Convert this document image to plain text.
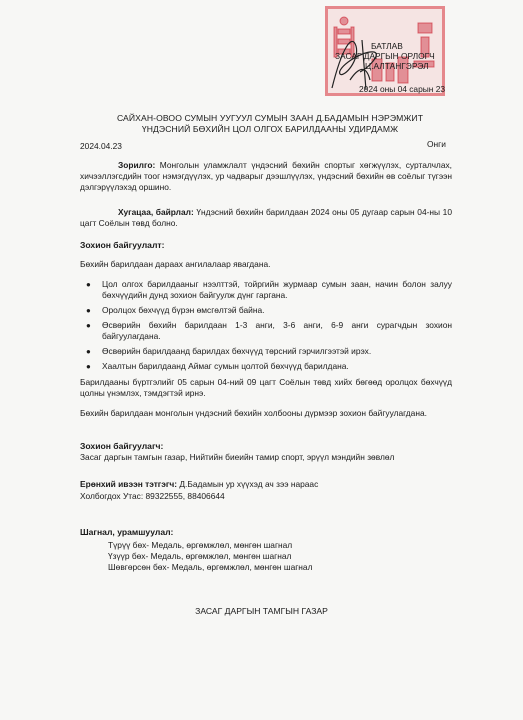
БАТЛАВ
ЗАСАГ ДАРГЫН ОРЛОГЧ
Ц.АЛТАНГЭРЭЛ
2024 оны 04 сарын 23
САЙХАН-ОВОО СУМЫН УУГУУЛ СУМЫН ЗААН Д.БАДАМЫН НЭРЭМЖИТ
ҮНДЭСНИЙ БӨХИЙН ЦОЛ ОЛГОХ БАРИЛДААНЫ УДИРДАМЖ
2024.04.23	Онги
Зорилго: Монголын уламжлалт үндэсний бөхийн спортыг хөгжүүлэх, сурталчлах, хичээллэгсдийн тоог нэмэгдүүлэх, ур чадварыг дээшлүүлэх, үндэсний бөхийн өв соёлыг түгээн дэлгэрүүлэхэд оршино.
Хугацаа, байрлал: Үндэсний бөхийн барилдаан 2024 оны 05 дугаар сарын 04-ны 10 цагт Соёлын төвд болно.
Зохион байгуулалт:
Бөхийн барилдаан дараах ангилалаар явагдана.
● Цол олгох барилдааныг нээлттэй, тойргийн журмаар сумын заан, начин болон залуу бөхчүүдийн дунд зохион байгуулж дүнг гаргана.
● Оролцох бөхчүүд бүрэн өмсгөлтэй байна.
● Өсвөрийн бөхийн барилдаан 1-3 анги, 3-6 анги, 6-9 анги сурагчдын зохион байгуулагдана.
● Өсвөрийн барилдаанд барилдах бөхчүүд төрсний гэрчилгээтэй ирэх.
● Хаалтын барилдаанд Аймаг сумын цолтой бөхчүүд барилдана.
Барилдааны бүртгэлийг 05 сарын 04-ний 09 цагт Соёлын төвд хийх бөгөөд оролцох бөхчүүд цолны үнэмлэх, тэмдэгтэй ирнэ.
Бөхийн барилдаан монголын үндэсний бөхийн холбооны дүрмээр зохион байгуулагдана.
Зохион байгуулагч:
Засаг даргын тамгын газар, Нийтийн биеийн тамир спорт, эрүүл мэндийн зөвлөл
Ерөнхий ивээн тэтгэгч: Д.Бадамын ур хүүхэд ач зээ нараас
Холбогдох Утас: 89322555, 88406644
Шагнал, урамшуулал:
Түрүү бөх- Медаль, өргөмжлөл, мөнгөн шагнал
Үзүүр бөх- Медаль, өргөмжлөл, мөнгөн шагнал
Шөвгөрсөн бөх- Медаль, өргөмжлөл, мөнгөн шагнал
ЗАСАГ ДАРГЫН ТАМГЫН ГАЗАР
